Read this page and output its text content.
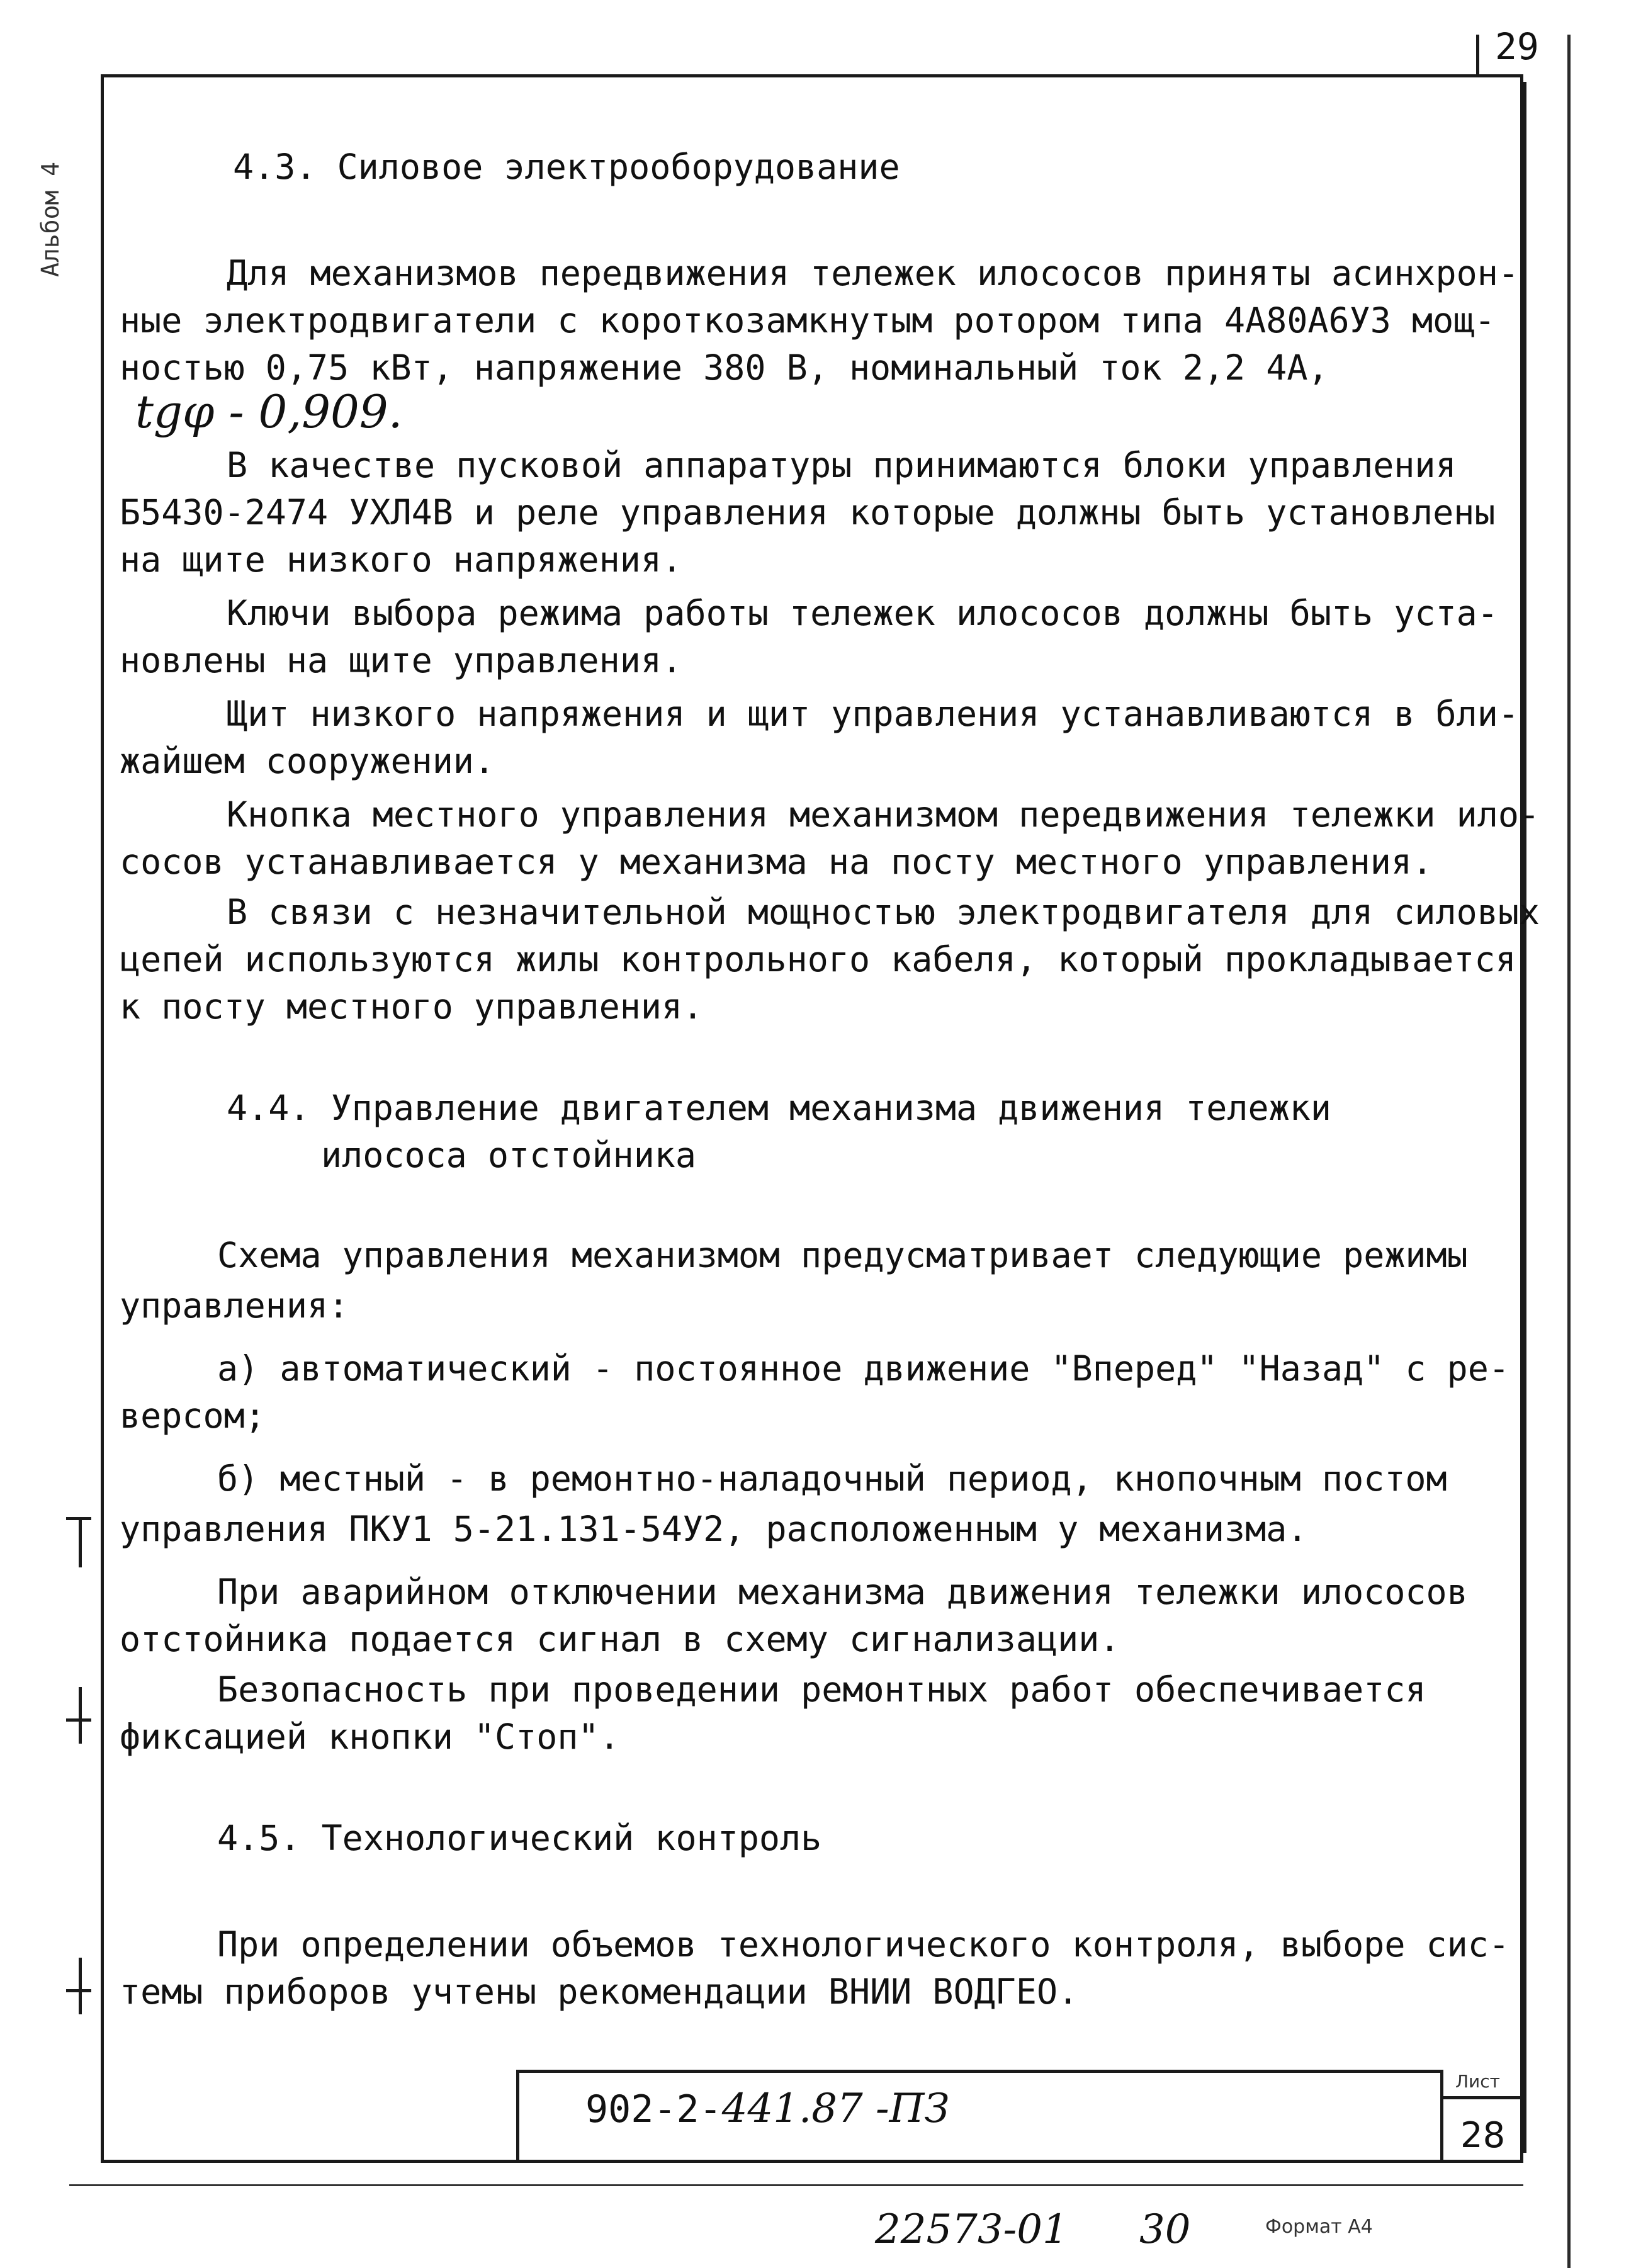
29
Альбом 4	4.3. Силовое электрооборудование
Для механизмов передвижения тележек илососов приняты асинхрон-
ные электродвигатели с короткозамкнутым ротором типа 4А80А6УЗ мощ-
ностью 0,75 кВт, напряжение 380 В, номинальный ток 2,2 4А,
tgφ - 0,909.
В качестве пусковой аппаратуры принимаются блоки управления
Б5430-2474 УХЛ4В и реле управления которые должны быть установлены
на щите низкого напряжения.
Ключи выбора режима работы тележек илососов должны быть уста-
новлены на щите управления.
Щит низкого напряжения и щит управления устанавливаются в бли-
жайшем сооружении.
Кнопка местного управления механизмом передвижения тележки ило-
сосов устанавливается у механизма на посту местного управления.
В связи с незначительной мощностью электродвигателя для силовых
цепей используются жилы контрольного кабеля, который прокладывается
к посту местного управления.
4.4. Управление двигателем механизма движения тележки
илососа отстойника
Схема управления механизмом предусматривает следующие режимы
управления:
а) автоматический - постоянное движение "Вперед" "Назад" с ре-
версом;
б) местный - в ремонтно-наладочный период, кнопочным постом
управления ПКУ1 5-21.131-54У2, расположенным у механизма.
При аварийном отключении механизма движения тележки илососов
отстойника подается сигнал в схему сигнализации.
Безопасность при проведении ремонтных работ обеспечивается
фиксацией кнопки "Стоп".
4.5. Технологический контроль
При определении объемов технологического контроля, выборе сис-
темы приборов учтены рекомендации ВНИИ ВОДГЕО.
902-2-441.87 -ПЗ
Лист
28
22573-01 30	Формат А4
